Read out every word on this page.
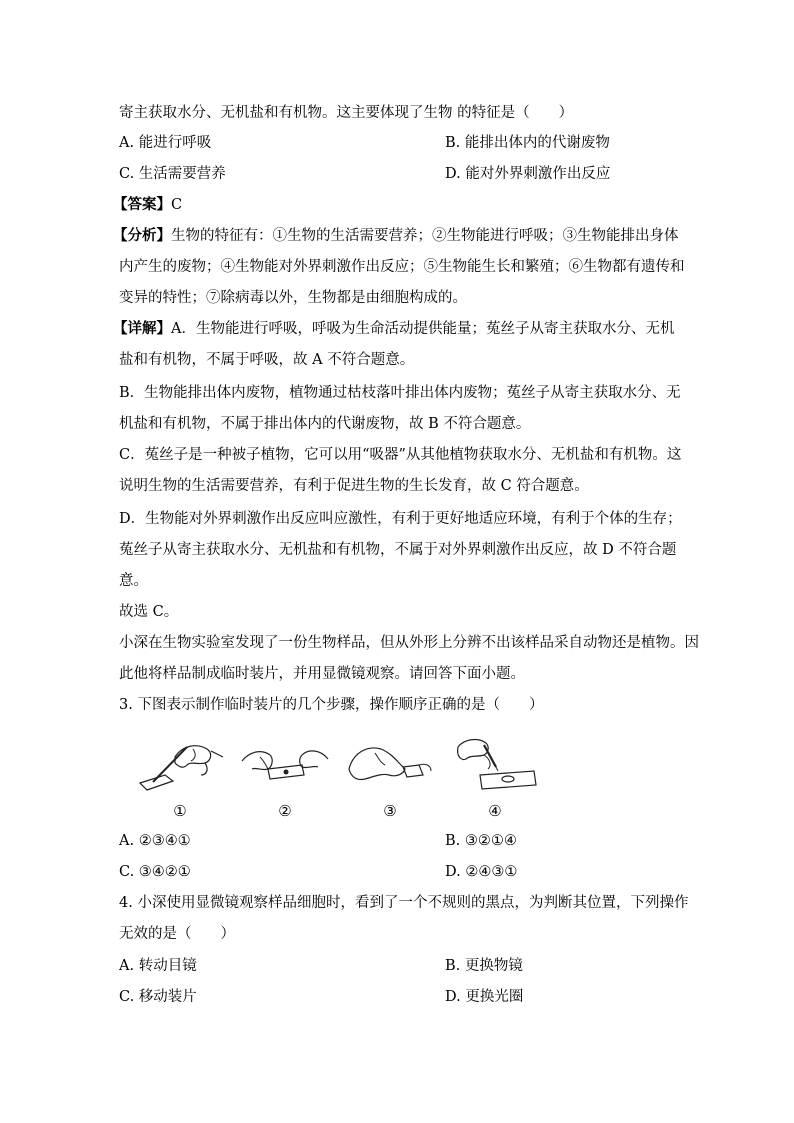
寄主获取水分、无机盐和有机物。这主要体现了生物 的特征是（　　）
A. 能进行呼吸	B. 能排出体内的代谢废物
C. 生活需要营养	D. 能对外界刺激作出反应
【答案】C
【分析】生物的特征有：①生物的生活需要营养；②生物能进行呼吸；③生物能排出身体
内产生的废物；④生物能对外界刺激作出反应；⑤生物能生长和繁殖；⑥生物都有遗传和
变异的特性；⑦除病毒以外，生物都是由细胞构成的。
【详解】A．生物能进行呼吸，呼吸为生命活动提供能量；菟丝子从寄主获取水分、无机
盐和有机物，不属于呼吸，故 A 不符合题意。
B．生物能排出体内废物，植物通过枯枝落叶排出体内废物；菟丝子从寄主获取水分、无
机盐和有机物，不属于排出体内的代谢废物，故 B 不符合题意。
C．菟丝子是一种被子植物，它可以用“吸器”从其他植物获取水分、无机盐和有机物。这
说明生物的生活需要营养，有利于促进生物的生长发育，故 C 符合题意。
D．生物能对外界刺激作出反应叫应激性，有利于更好地适应环境，有利于个体的生存；
菟丝子从寄主获取水分、无机盐和有机物，不属于对外界刺激作出反应，故 D 不符合题
意。
故选 C。
小深在生物实验室发现了一份生物样品，但从外形上分辨不出该样品采自动物还是植物。因
此他将样品制成临时装片，并用显微镜观察。请回答下面小题。
3. 下图表示制作临时装片的几个步骤，操作顺序正确的是（　　）
①	②	③	④
A. ②③④①	B. ③②①④
C. ③④②①	D. ②④③①
4. 小深使用显微镜观察样品细胞时，看到了一个不规则的黑点，为判断其位置，下列操作
无效的是（　　）
A. 转动目镜	B. 更换物镜
C. 移动装片	D. 更换光圈
